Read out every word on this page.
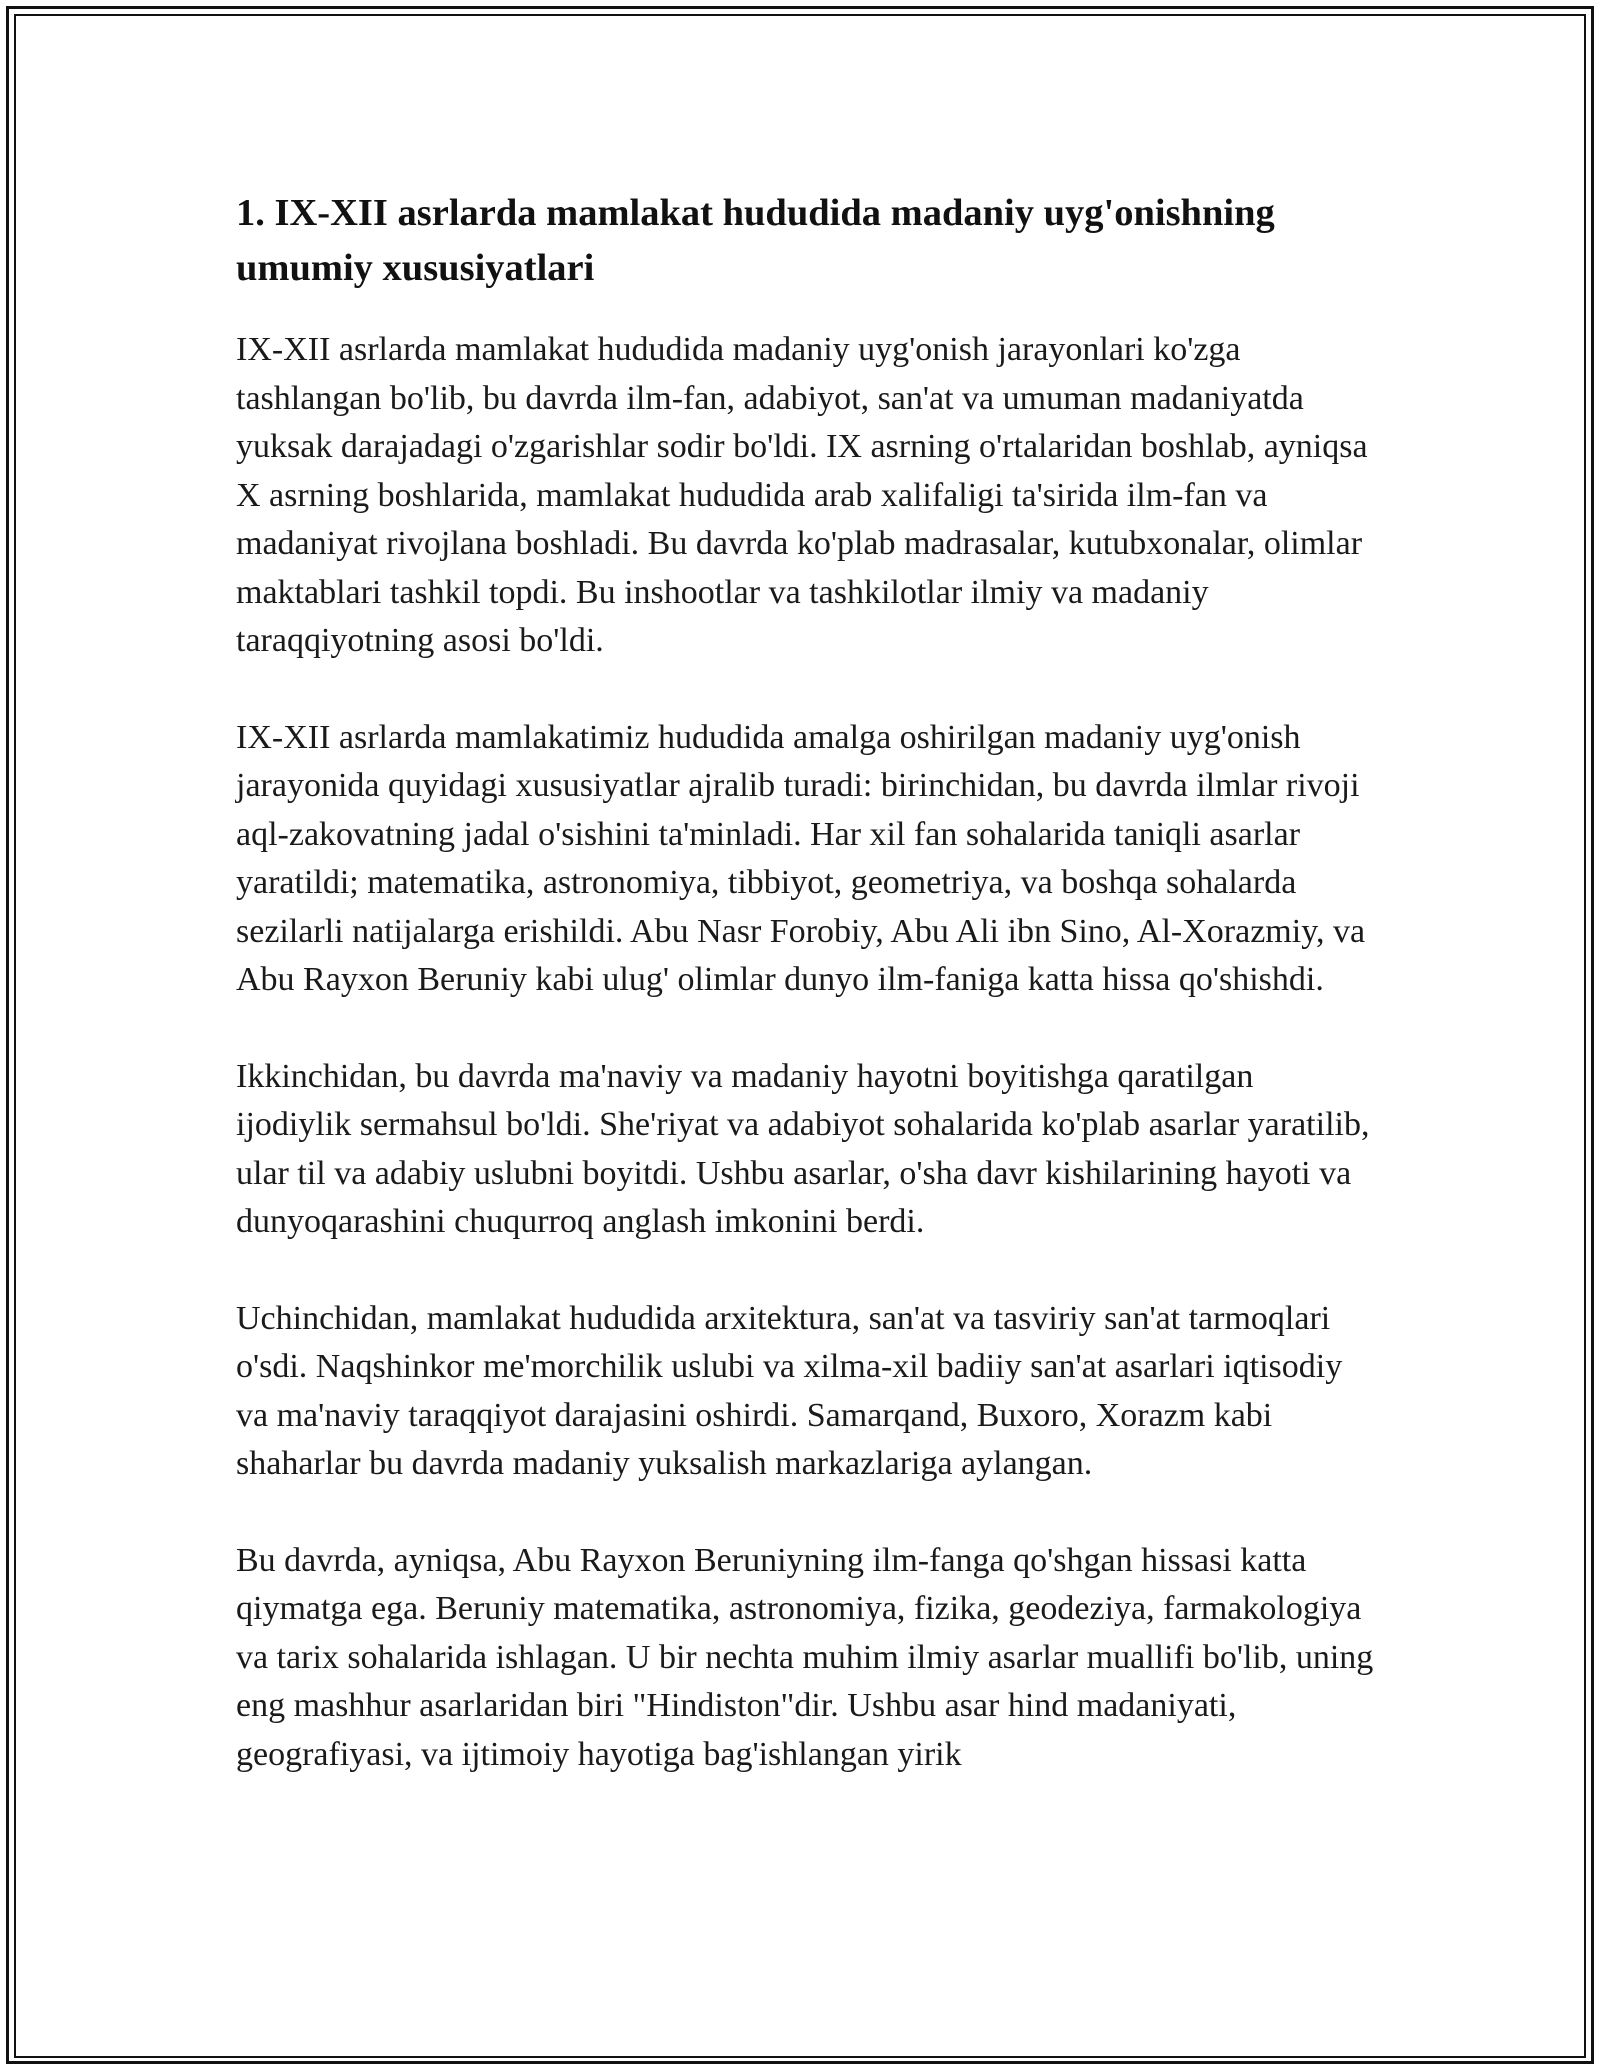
1. IX-XII asrlarda mamlakat hududida madaniy uyg'onishning umumiy xususiyatlari

IX-XII asrlarda mamlakat hududida madaniy uyg'onish jarayonlari ko'zga tashlangan bo'lib, bu davrda ilm-fan, adabiyot, san'at va umuman madaniyatda yuksak darajadagi o'zgarishlar sodir bo'ldi. IX asrning o'rtalaridan boshlab, ayniqsa X asrning boshlarida, mamlakat hududida arab xalifaligi ta'sirida ilm-fan va madaniyat rivojlana boshladi. Bu davrda ko'plab madrasalar, kutubxonalar, olimlar maktablari tashkil topdi. Bu inshootlar va tashkilotlar ilmiy va madaniy taraqqiyotning asosi bo'ldi.

IX-XII asrlarda mamlakatimiz hududida amalga oshirilgan madaniy uyg'onish jarayonida quyidagi xususiyatlar ajralib turadi: birinchidan, bu davrda ilmlar rivoji aql-zakovatning jadal o'sishini ta'minladi. Har xil fan sohalarida taniqli asarlar yaratildi; matematika, astronomiya, tibbiyot, geometriya, va boshqa sohalarda sezilarli natijalarga erishildi. Abu Nasr Forobiy, Abu Ali ibn Sino, Al-Xorazmiy, va Abu Rayxon Beruniy kabi ulug' olimlar dunyo ilm-faniga katta hissa qo'shishdi.

Ikkinchidan, bu davrda ma'naviy va madaniy hayotni boyitishga qaratilgan ijodiylik sermahsul bo'ldi. She'riyat va adabiyot sohalarida ko'plab asarlar yaratilib, ular til va adabiy uslubni boyitdi. Ushbu asarlar, o'sha davr kishilarining hayoti va dunyoqarashini chuqurroq anglash imkonini berdi.

Uchinchidan, mamlakat hududida arxitektura, san'at va tasviriy san'at tarmoqlari o'sdi. Naqshinkor me'morchilik uslubi va xilma-xil badiiy san'at asarlari iqtisodiy va ma'naviy taraqqiyot darajasini oshirdi. Samarqand, Buxoro, Xorazm kabi shaharlar bu davrda madaniy yuksalish markazlariga aylangan.

Bu davrda, ayniqsa, Abu Rayxon Beruniyning ilm-fanga qo'shgan hissasi katta qiymatga ega. Beruniy matematika, astronomiya, fizika, geodeziya, farmakologiya va tarix sohalarida ishlagan. U bir nechta muhim ilmiy asarlar muallifi bo'lib, uning eng mashhur asarlaridan biri "Hindiston"dir. Ushbu asar hind madaniyati, geografiyasi, va ijtimoiy hayotiga bag'ishlangan yirik
